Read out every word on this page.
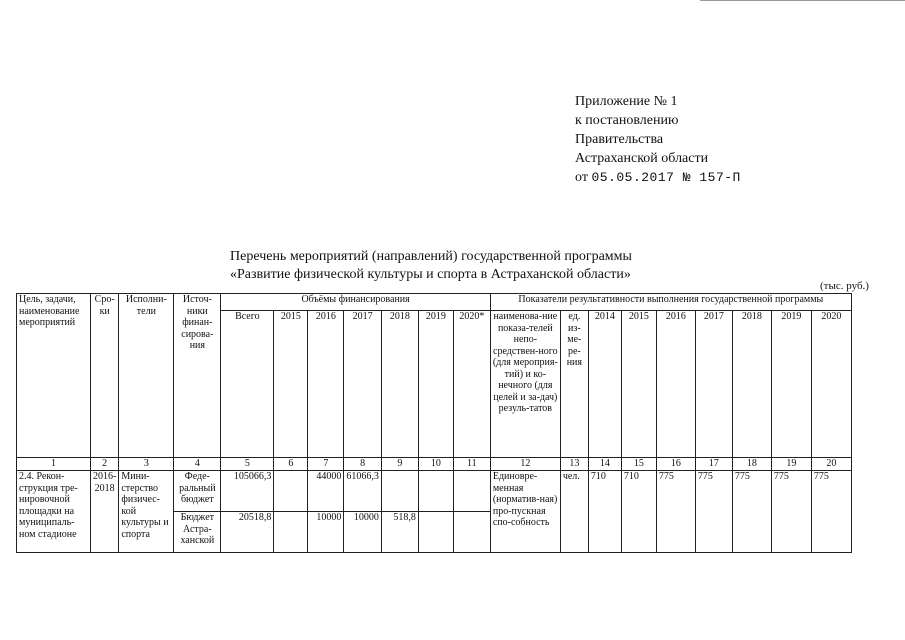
Приложение № 1
к постановлению
Правительства
Астраханской области
от 05.05.2017 № 157-П
Перечень мероприятий (направлений) государственной программы
«Развитие физической культуры и спорта в Астраханской области»
(тыс. руб.)
Цель, задачи, наименование мероприятий	Сро-ки	Исполни-тели	Источ-ники финан-сирова-ния	Объёмы финансирования							Показатели результативности выполнения государственной программы								
				Всего	2015	2016	2017	2018	2019	2020*	наименова-ние показа-телей непо-средствен-ного (для мероприя-тий) и ко-нечного (для целей и за-дач) резуль-татов	ед. из-ме-ре-ния	2014	2015	2016	2017	2018	2019	2020
1	2	3	4	5	6	7	8	9	10	11	12	13	14	15	16	17	18	19	20
2.4. Рекон-струкция тре-нировочной площадки на муниципаль-ном стадионе	2016-2018	Мини-стерство физичес-кой культуры и спорта	Феде-ральный бюджет	105066,3		44000	61066,3				Единовре-менная (норматив-ная) про-пускная спо-собность	чел.	710	710	775	775	775	775	775
			Бюджет Астра-ханской	20518,8		10000	10000	518,8											
